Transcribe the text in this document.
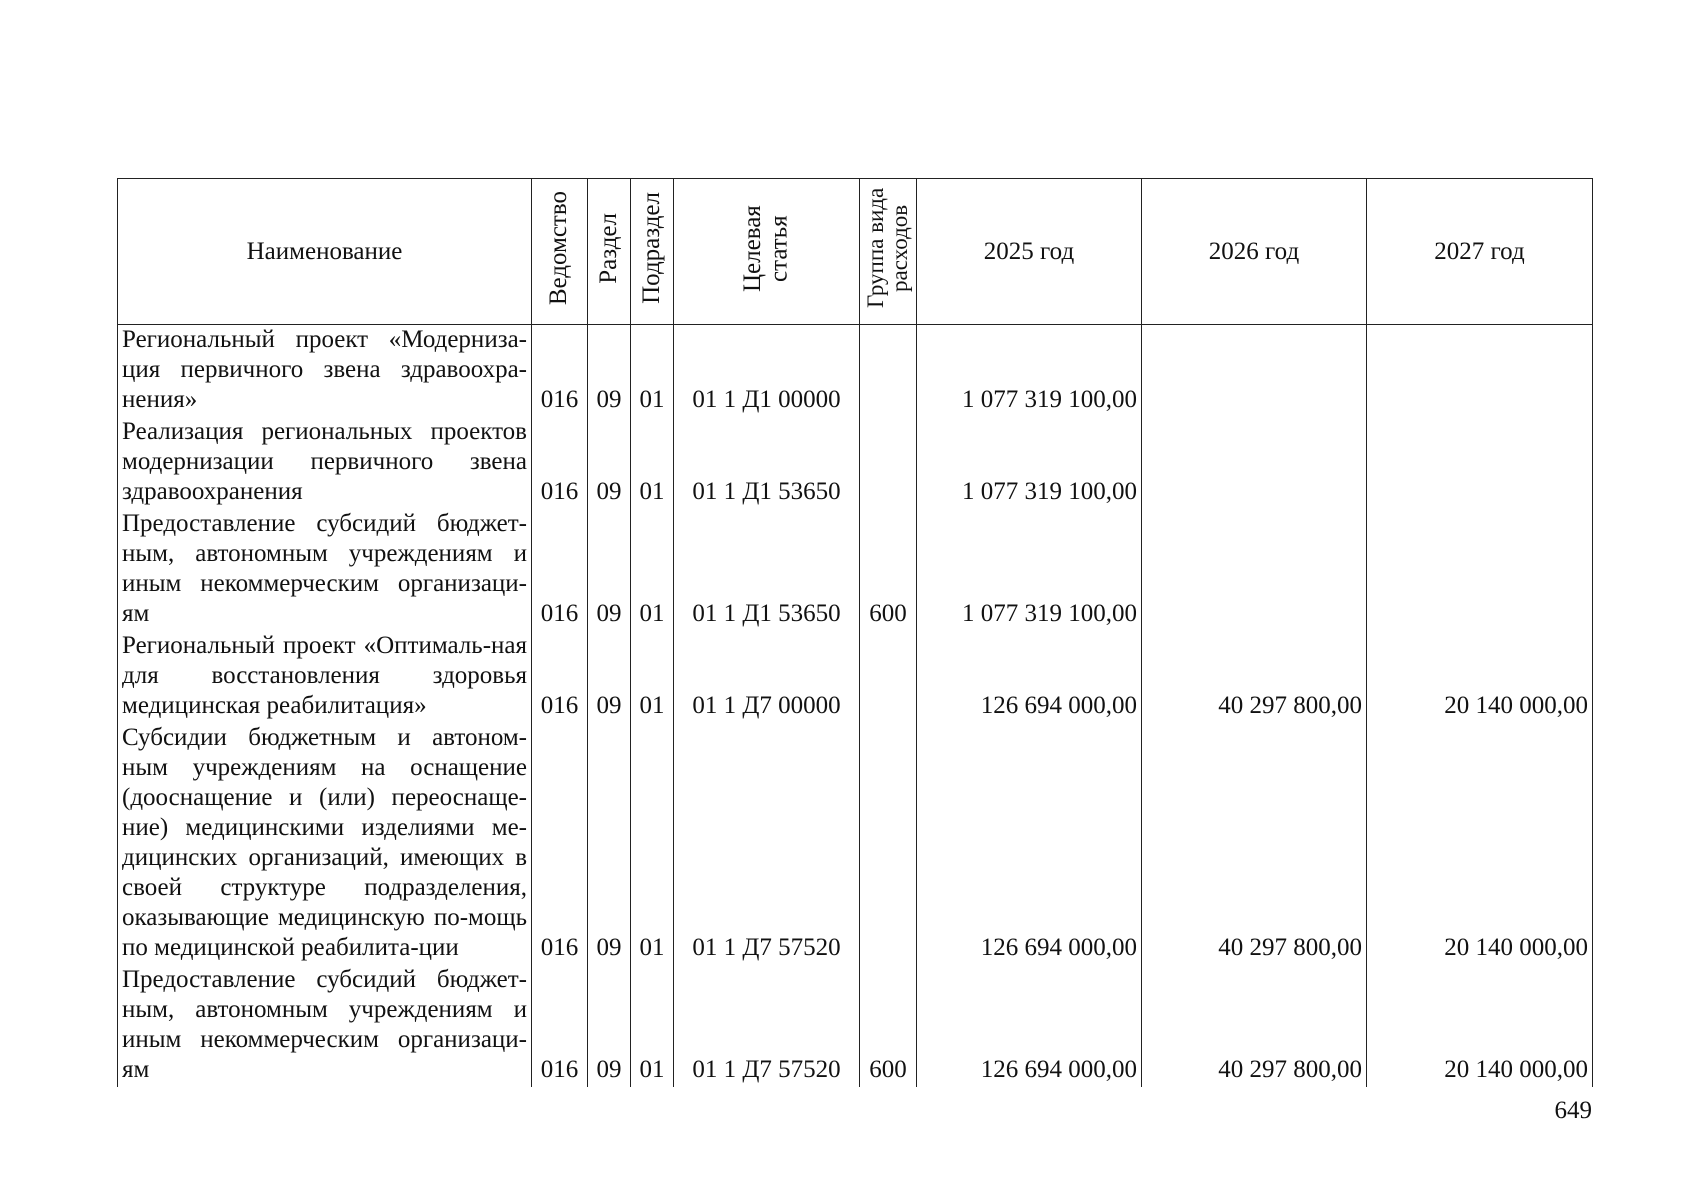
Наименование	Ведомство	Раздел	Подраздел	Целевая статья	Группа вида расходов	2025 год	2026 год	2027 год
Региональный проект «Модерниза-ция первичного звена здравоохра-нения»	016	09	01	01 1 Д1 00000		1 077 319 100,00		
Реализация региональных проектов модернизации первичного звена здравоохранения	016	09	01	01 1 Д1 53650		1 077 319 100,00		
Предоставление субсидий бюджет-ным, автономным учреждениям и иным некоммерческим организаци-ям	016	09	01	01 1 Д1 53650	600	1 077 319 100,00		
Региональный проект «Оптималь-ная для восстановления здоровья медицинская реабилитация»	016	09	01	01 1 Д7 00000		126 694 000,00	40 297 800,00	20 140 000,00
Субсидии бюджетным и автоном-ным учреждениям на оснащение (дооснащение и (или) переоснаще-ние) медицинскими изделиями ме-дицинских организаций, имеющих в своей структуре подразделения, оказывающие медицинскую по-мощь по медицинской реабилита-ции	016	09	01	01 1 Д7 57520		126 694 000,00	40 297 800,00	20 140 000,00
Предоставление субсидий бюджет-ным, автономным учреждениям и иным некоммерческим организаци-ям	016	09	01	01 1 Д7 57520	600	126 694 000,00	40 297 800,00	20 140 000,00
649
